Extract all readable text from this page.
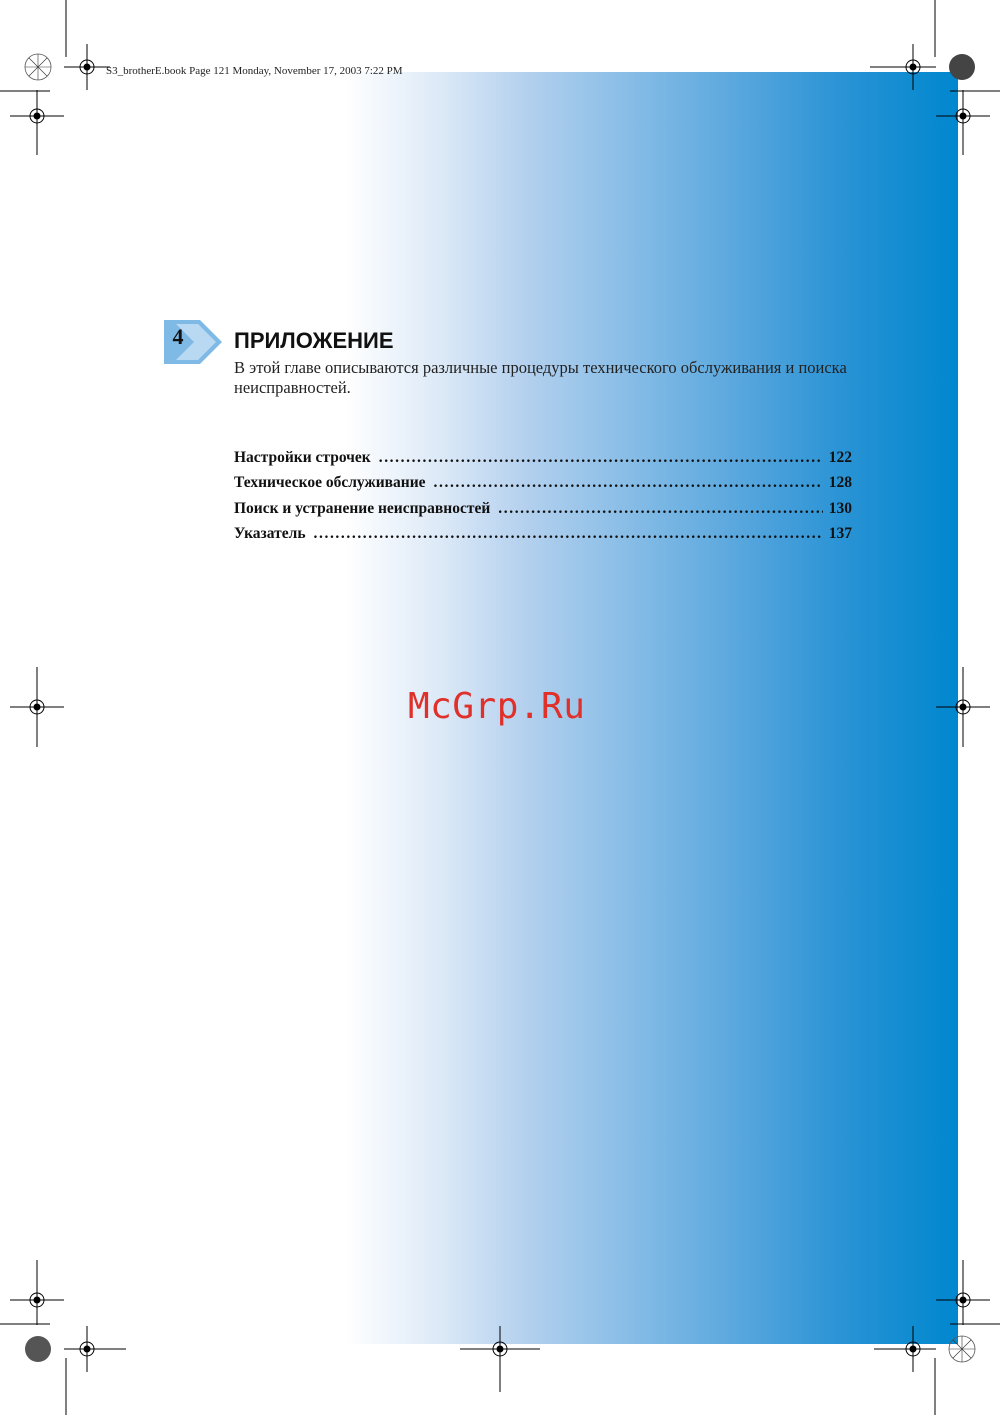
S3_brotherE.book Page 121 Monday, November 17, 2003 7:22 PM
4	ПРИЛОЖЕНИЕ
В этой главе описываются различные процедуры технического обслуживания и поиска неисправностей.
Настройки строчек .....	122
Техническое обслуживание .....	128
Поиск и устранение неисправностей .....	130
Указатель .....	137
McGrp.Ru
